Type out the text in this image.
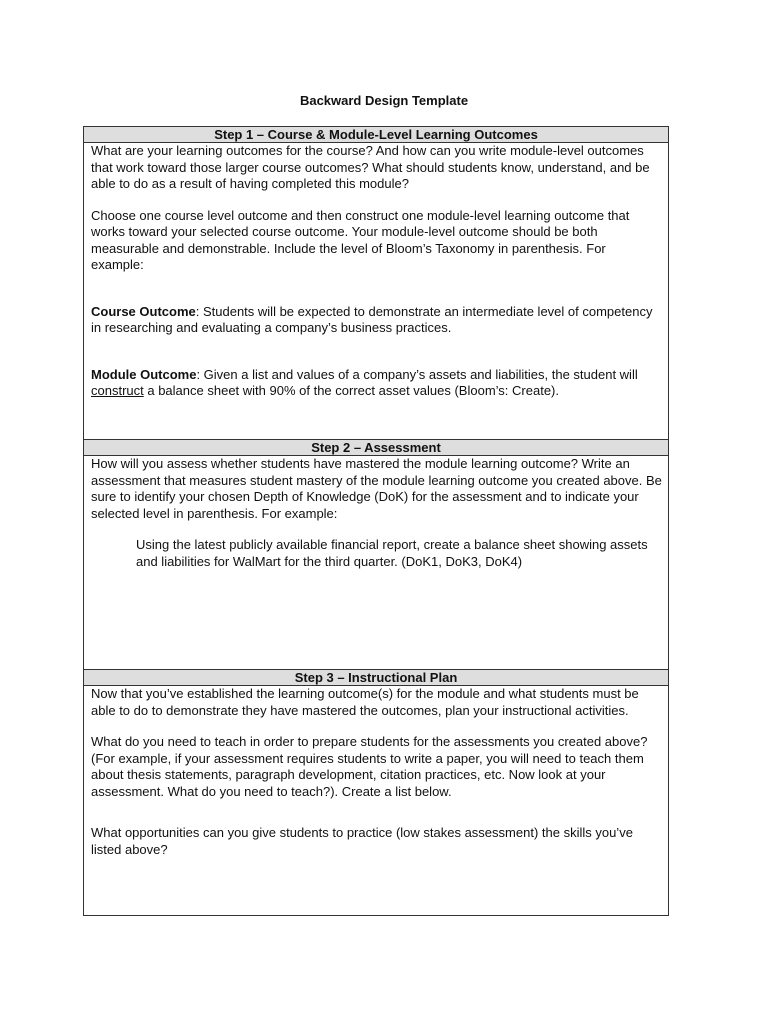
Backward Design Template
Step 1 – Course & Module-Level Learning Outcomes

What are your learning outcomes for the course? And how can you write module-level outcomes that work toward those larger course outcomes? What should students know, understand, and be able to do as a result of having completed this module?

Choose one course level outcome and then construct one module-level learning outcome that works toward your selected course outcome. Your module-level outcome should be both measurable and demonstrable. Include the level of Bloom’s Taxonomy in parenthesis. For example:

Course Outcome: Students will be expected to demonstrate an intermediate level of competency in researching and evaluating a company’s business practices.

Module Outcome: Given a list and values of a company’s assets and liabilities, the student will construct a balance sheet with 90% of the correct asset values (Bloom’s: Create).

Step 2 – Assessment

How will you assess whether students have mastered the module learning outcome? Write an assessment that measures student mastery of the module learning outcome you created above. Be sure to identify your chosen Depth of Knowledge (DoK) for the assessment and to indicate your selected level in parenthesis. For example:

Using the latest publicly available financial report, create a balance sheet showing assets and liabilities for WalMart for the third quarter. (DoK1, DoK3, DoK4)

Step 3 – Instructional Plan

Now that you’ve established the learning outcome(s) for the module and what students must be able to do to demonstrate they have mastered the outcomes, plan your instructional activities.

What do you need to teach in order to prepare students for the assessments you created above? (For example, if your assessment requires students to write a paper, you will need to teach them about thesis statements, paragraph development, citation practices, etc. Now look at your assessment. What do you need to teach?). Create a list below.

What opportunities can you give students to practice (low stakes assessment) the skills you’ve listed above?
